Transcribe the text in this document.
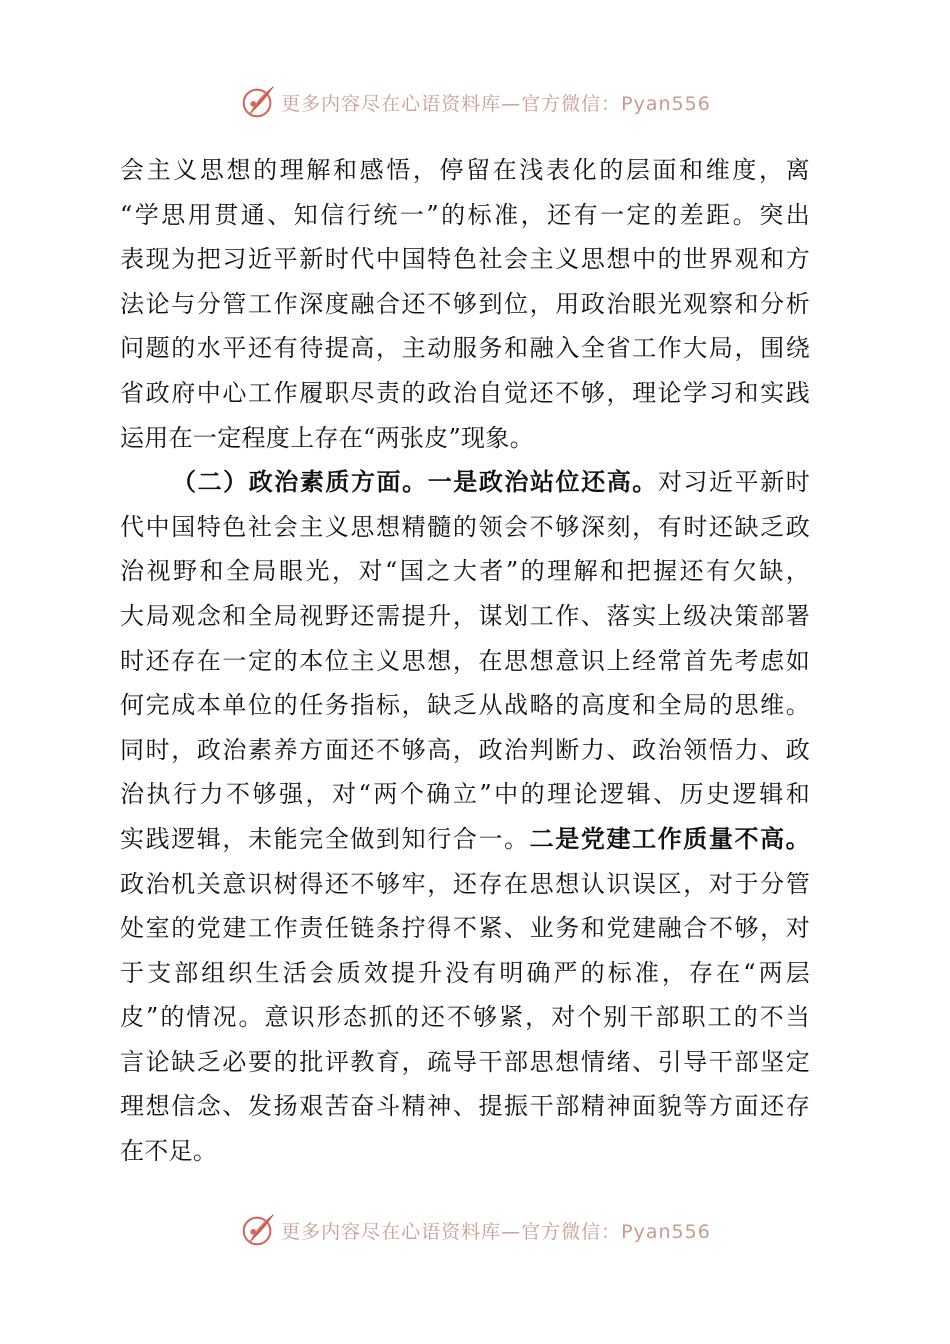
更多内容尽在心语资料库—官方微信：Pyan556
会主义思想的理解和感悟，停留在浅表化的层面和维度，离
“学思用贯通、知信行统一”的标准，还有一定的差距。突出
表现为把习近平新时代中国特色社会主义思想中的世界观和方
法论与分管工作深度融合还不够到位，用政治眼光观察和分析
问题的水平还有待提高，主动服务和融入全省工作大局，围绕
省政府中心工作履职尽责的政治自觉还不够，理论学习和实践
运用在一定程度上存在“两张皮”现象。
（二）政治素质方面。一是政治站位还高。对习近平新时
代中国特色社会主义思想精髓的领会不够深刻，有时还缺乏政
治视野和全局眼光，对“国之大者”的理解和把握还有欠缺，
大局观念和全局视野还需提升，谋划工作、落实上级决策部署
时还存在一定的本位主义思想，在思想意识上经常首先考虑如
何完成本单位的任务指标，缺乏从战略的高度和全局的思维。
同时，政治素养方面还不够高，政治判断力、政治领悟力、政
治执行力不够强，对“两个确立”中的理论逻辑、历史逻辑和
实践逻辑，未能完全做到知行合一。二是党建工作质量不高。
政治机关意识树得还不够牢，还存在思想认识误区，对于分管
处室的党建工作责任链条拧得不紧、业务和党建融合不够，对
于支部组织生活会质效提升没有明确严的标准，存在“两层
皮”的情况。意识形态抓的还不够紧，对个别干部职工的不当
言论缺乏必要的批评教育，疏导干部思想情绪、引导干部坚定
理想信念、发扬艰苦奋斗精神、提振干部精神面貌等方面还存
在不足。
更多内容尽在心语资料库—官方微信：Pyan556
